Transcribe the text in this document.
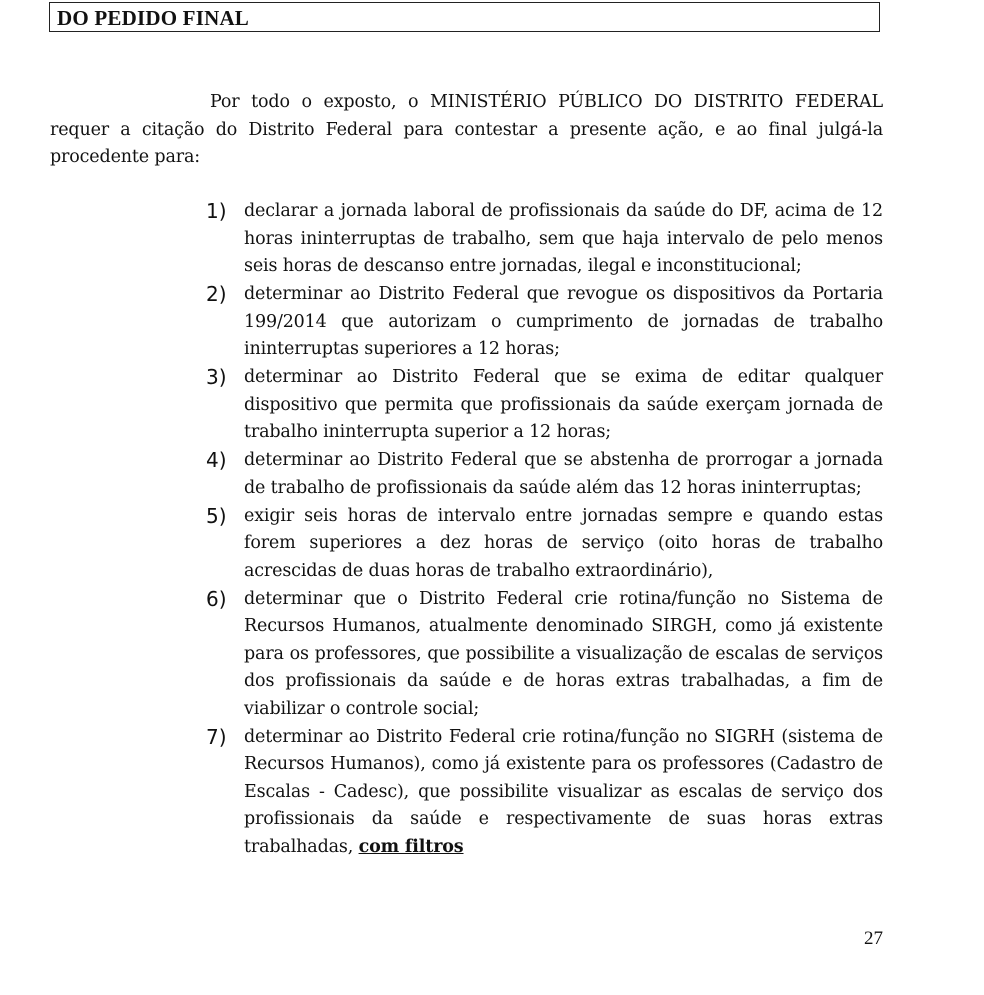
DO PEDIDO FINAL

Por todo o exposto, o MINISTÉRIO PÚBLICO DO DISTRITO FEDERAL requer a citação do Distrito Federal para contestar a presente ação, e ao final julgá-la procedente para:

1) declarar a jornada laboral de profissionais da saúde do DF, acima de 12 horas ininterruptas de trabalho, sem que haja intervalo de pelo menos seis horas de descanso entre jornadas, ilegal e inconstitucional;
2) determinar ao Distrito Federal que revogue os dispositivos da Portaria 199/2014 que autorizam o cumprimento de jornadas de trabalho ininterruptas superiores a 12 horas;
3) determinar ao Distrito Federal que se exima de editar qualquer dispositivo que permita que profissionais da saúde exerçam jornada de trabalho ininterrupta superior a 12 horas;
4) determinar ao Distrito Federal que se abstenha de prorrogar a jornada de trabalho de profissionais da saúde além das 12 horas ininterruptas;
5) exigir seis horas de intervalo entre jornadas sempre e quando estas forem superiores a dez horas de serviço (oito horas de trabalho acrescidas de duas horas de trabalho extraordinário),
6) determinar que o Distrito Federal crie rotina/função no Sistema de Recursos Humanos, atualmente denominado SIRGH, como já existente para os professores, que possibilite a visualização de escalas de serviços dos profissionais da saúde e de horas extras trabalhadas, a fim de viabilizar o controle social;
7) determinar ao Distrito Federal crie rotina/função no SIGRH (sistema de Recursos Humanos), como já existente para os professores (Cadastro de Escalas - Cadesc), que possibilite visualizar as escalas de serviço dos profissionais da saúde e respectivamente de suas horas extras trabalhadas, com filtros
27
